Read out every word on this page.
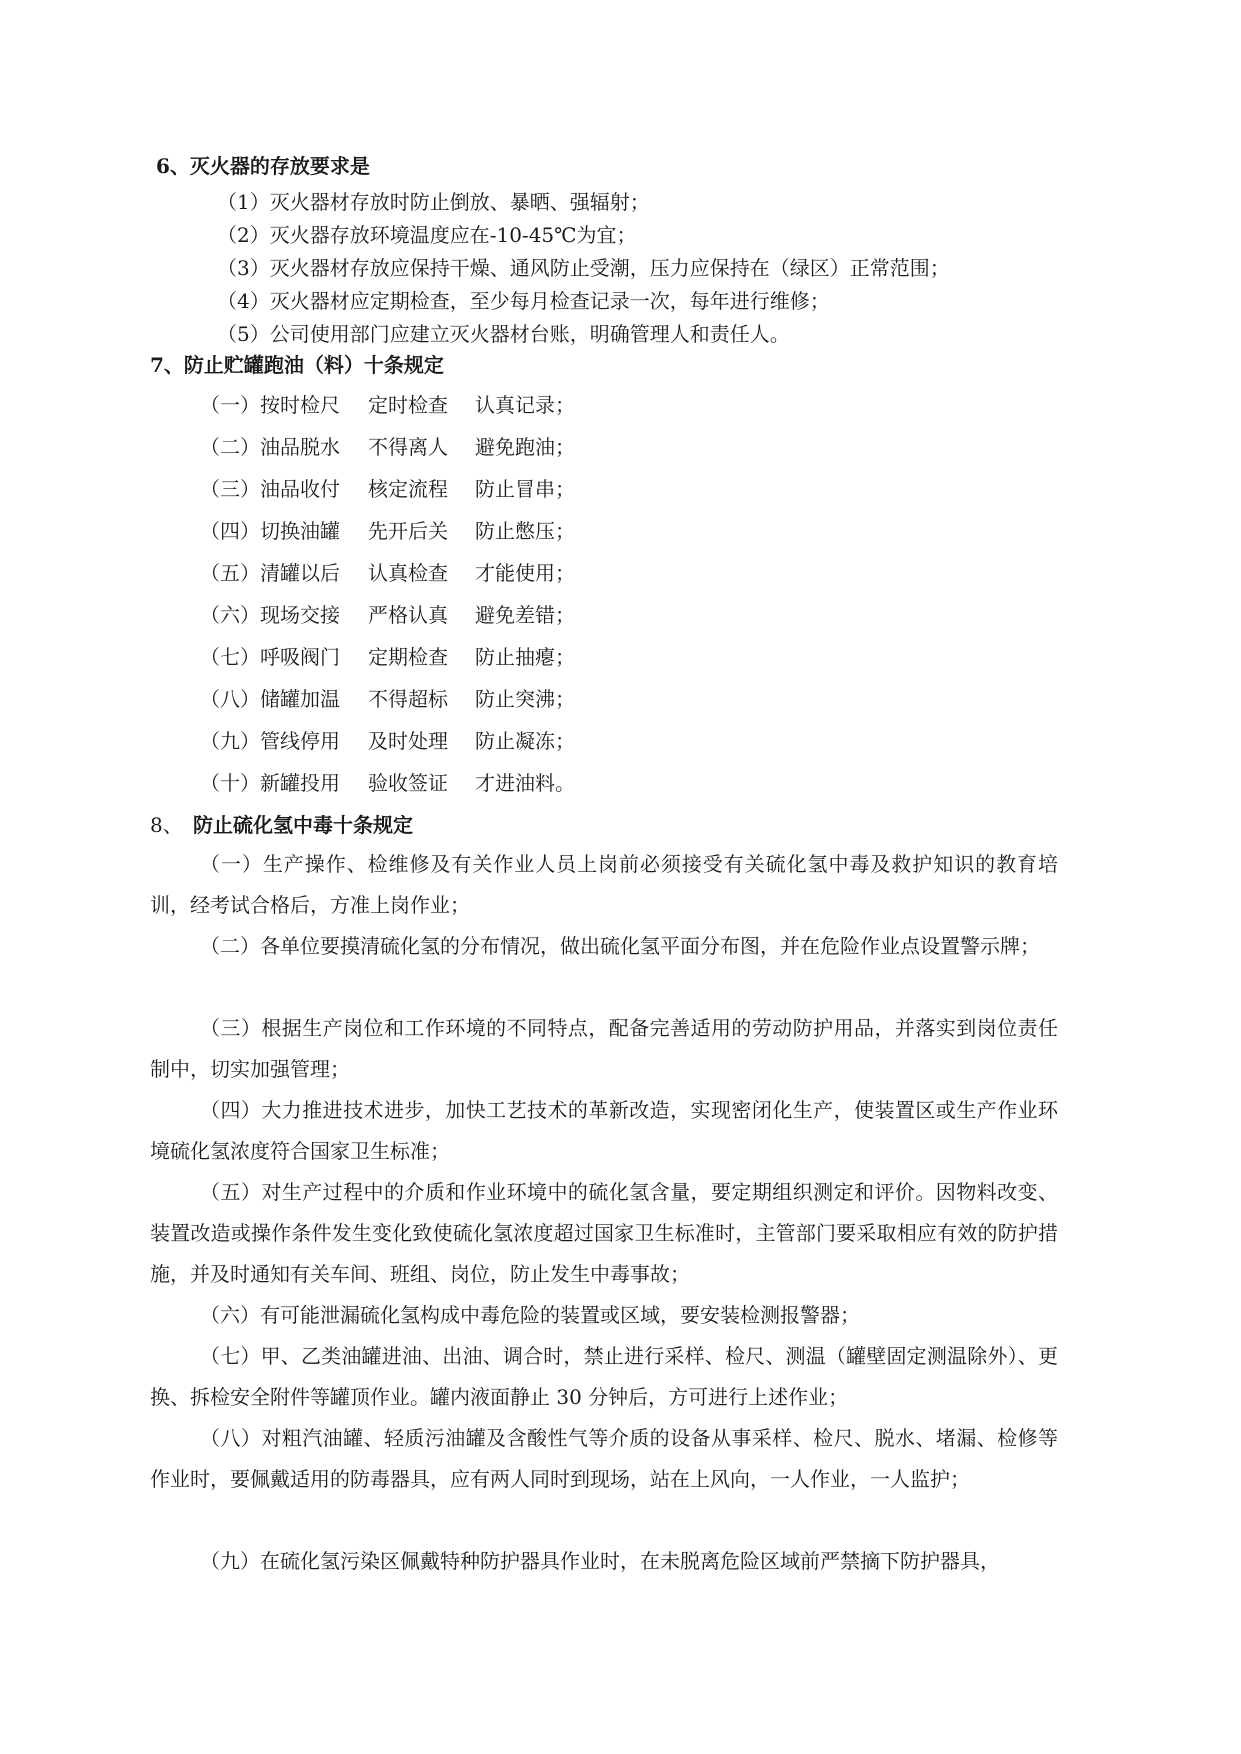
6、灭火器的存放要求是
（1）灭火器材存放时防止倒放、暴晒、强辐射；
（2）灭火器存放环境温度应在-10-45℃为宜；
（3）灭火器材存放应保持干燥、通风防止受潮，压力应保持在（绿区）正常范围；
（4）灭火器材应定期检查，至少每月检查记录一次，每年进行维修；
（5）公司使用部门应建立灭火器材台账，明确管理人和责任人。
7、防止贮罐跑油（料）十条规定
（一）按时检尺 定时检查 认真记录；
（二）油品脱水 不得离人 避免跑油；
（三）油品收付 核定流程 防止冒串；
（四）切换油罐 先开后关 防止憋压；
（五）清罐以后 认真检查 才能使用；
（六）现场交接 严格认真 避免差错；
（七）呼吸阀门 定期检查 防止抽瘪；
（八）储罐加温 不得超标 防止突沸；
（九）管线停用 及时处理 防止凝冻；
（十）新罐投用 验收签证 才进油料。
8、 防止硫化氢中毒十条规定

（一）生产操作、检维修及有关作业人员上岗前必须接受有关硫化氢中毒及救护知识的教育培训，经考试合格后，方准上岗作业；

（二）各单位要摸清硫化氢的分布情况，做出硫化氢平面分布图，并在危险作业点设置警示牌；

（三）根据生产岗位和工作环境的不同特点，配备完善适用的劳动防护用品，并落实到岗位责任制中，切实加强管理；

（四）大力推进技术进步，加快工艺技术的革新改造，实现密闭化生产，使装置区或生产作业环境硫化氢浓度符合国家卫生标准；

（五）对生产过程中的介质和作业环境中的硫化氢含量，要定期组织测定和评价。因物料改变、装置改造或操作条件发生变化致使硫化氢浓度超过国家卫生标准时，主管部门要采取相应有效的防护措施，并及时通知有关车间、班组、岗位，防止发生中毒事故；

（六）有可能泄漏硫化氢构成中毒危险的装置或区域，要安装检测报警器；

（七）甲、乙类油罐进油、出油、调合时，禁止进行采样、检尺、测温（罐壁固定测温除外）、更换、拆检安全附件等罐顶作业。罐内液面静止 30 分钟后，方可进行上述作业；

（八）对粗汽油罐、轻质污油罐及含酸性气等介质的设备从事采样、检尺、脱水、堵漏、检修等作业时，要佩戴适用的防毒器具，应有两人同时到现场，站在上风向，一人作业，一人监护；

（九）在硫化氢污染区佩戴特种防护器具作业时，在未脱离危险区域前严禁摘下防护器具，
